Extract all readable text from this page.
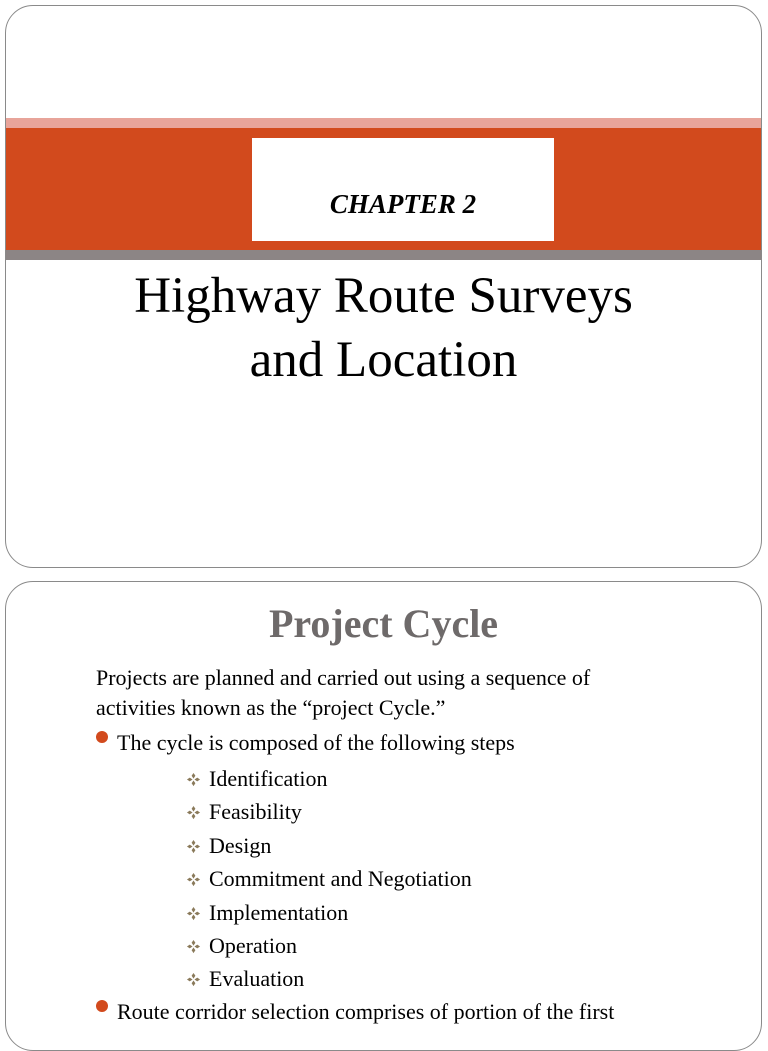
CHAPTER 2
Highway Route Surveys
and Location
Project Cycle
Projects are planned and carried out using a sequence of
activities known as the “project Cycle.”
The cycle is composed of the following steps
Identification
Feasibility
Design
Commitment and Negotiation
Implementation
Operation
Evaluation
Route corridor selection comprises of portion of the first
